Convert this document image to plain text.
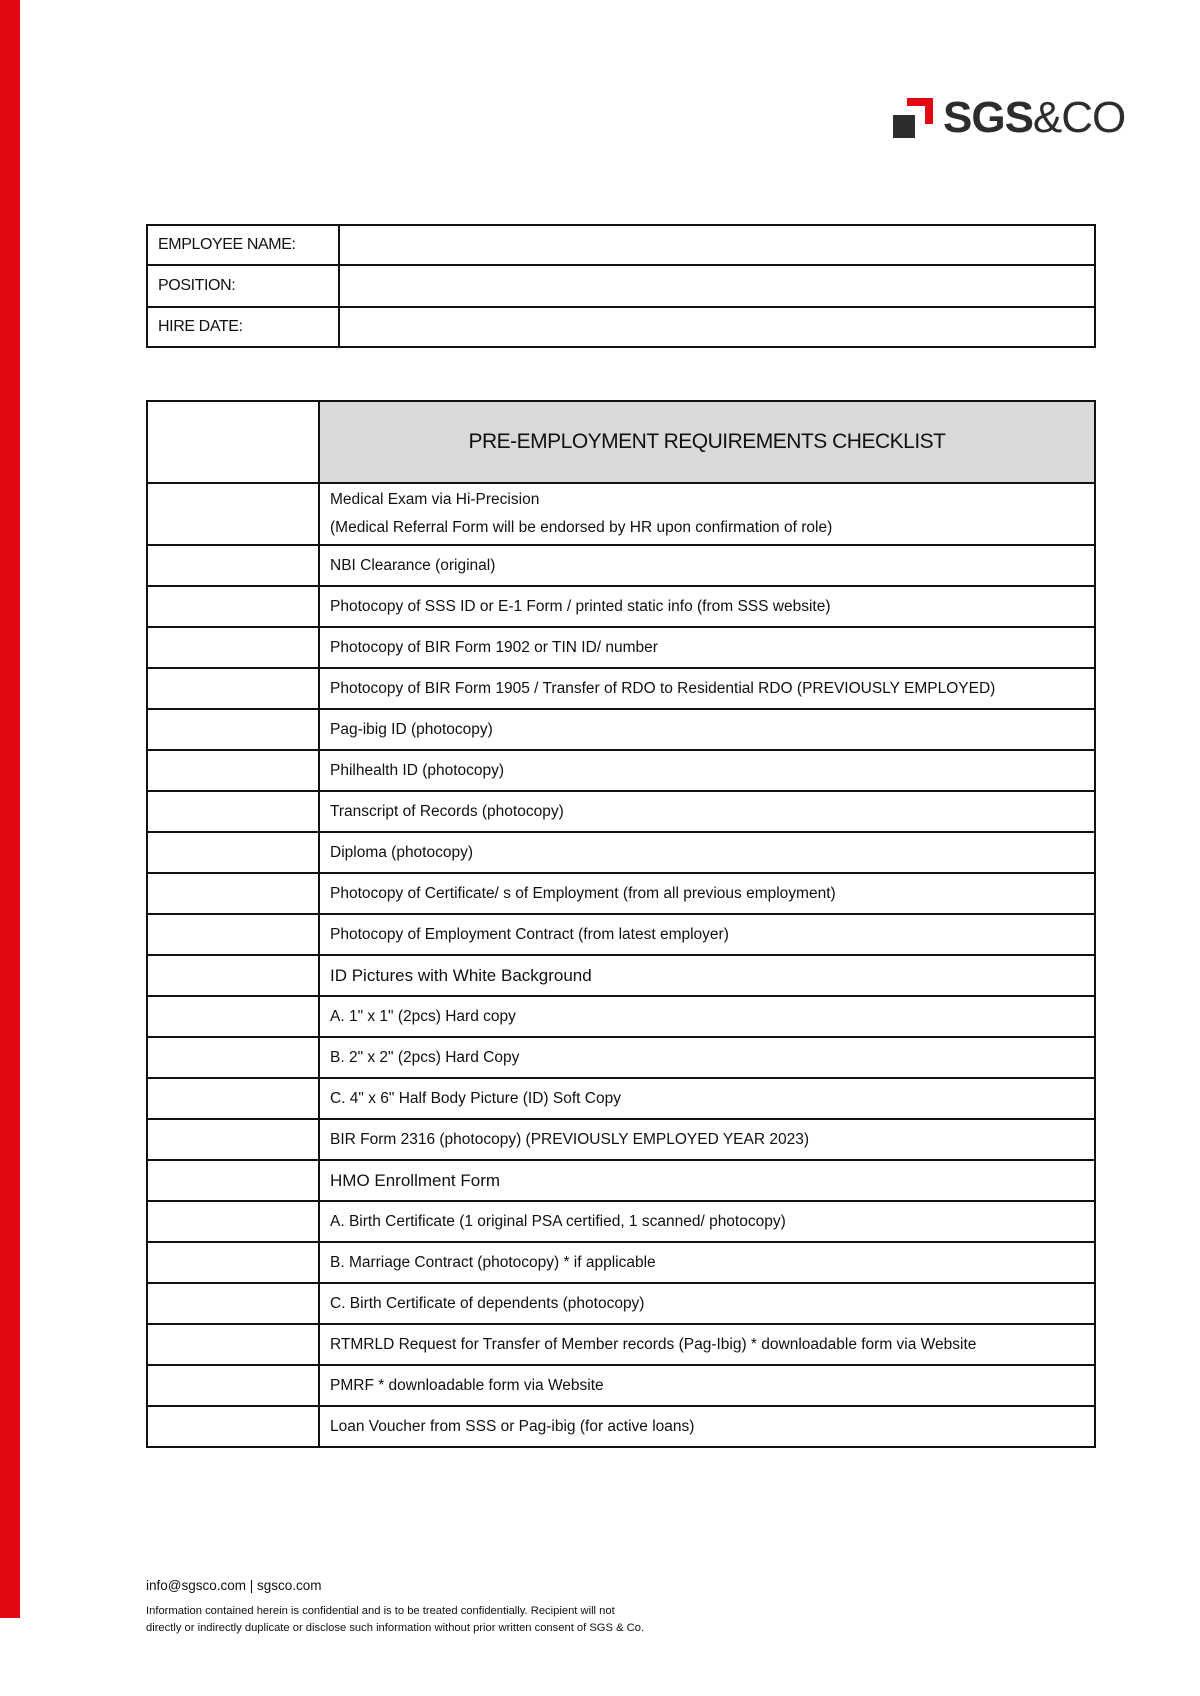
SGS&CO
EMPLOYEE NAME:	
POSITION:	
HIRE DATE:	
	PRE-EMPLOYMENT REQUIREMENTS CHECKLIST
	Medical Exam via Hi-Precision
(Medical Referral Form will be endorsed by HR upon confirmation of role)

	NBI Clearance (original)
	Photocopy of SSS ID or E-1 Form / printed static info (from SSS website)
	Photocopy of BIR Form 1902 or TIN ID/ number
	Photocopy of BIR Form 1905 / Transfer of RDO to Residential RDO (PREVIOUSLY EMPLOYED)
	Pag-ibig ID (photocopy)
	Philhealth ID (photocopy)
	Transcript of Records (photocopy)
	Diploma (photocopy)
	Photocopy of Certificate/ s of Employment (from all previous employment)
	Photocopy of Employment Contract (from latest employer)
	ID Pictures with White Background
	A. 1" x 1" (2pcs) Hard copy
	B. 2" x 2" (2pcs) Hard Copy
	C. 4" x 6" Half Body Picture (ID) Soft Copy
	BIR Form 2316 (photocopy) (PREVIOUSLY EMPLOYED YEAR 2023)
	HMO Enrollment Form
	A. Birth Certificate (1 original PSA certified, 1 scanned/ photocopy)
	B. Marriage Contract (photocopy) * if applicable
	C. Birth Certificate of dependents (photocopy)
	RTMRLD Request for Transfer of Member records (Pag-Ibig) * downloadable form via Website
	PMRF * downloadable form via Website
	Loan Voucher from SSS or Pag-ibig (for active loans)
info@sgsco.com | sgsco.com
Information contained herein is confidential and is to be treated confidentially. Recipient will not
directly or indirectly duplicate or disclose such information without prior written consent of SGS & Co.
